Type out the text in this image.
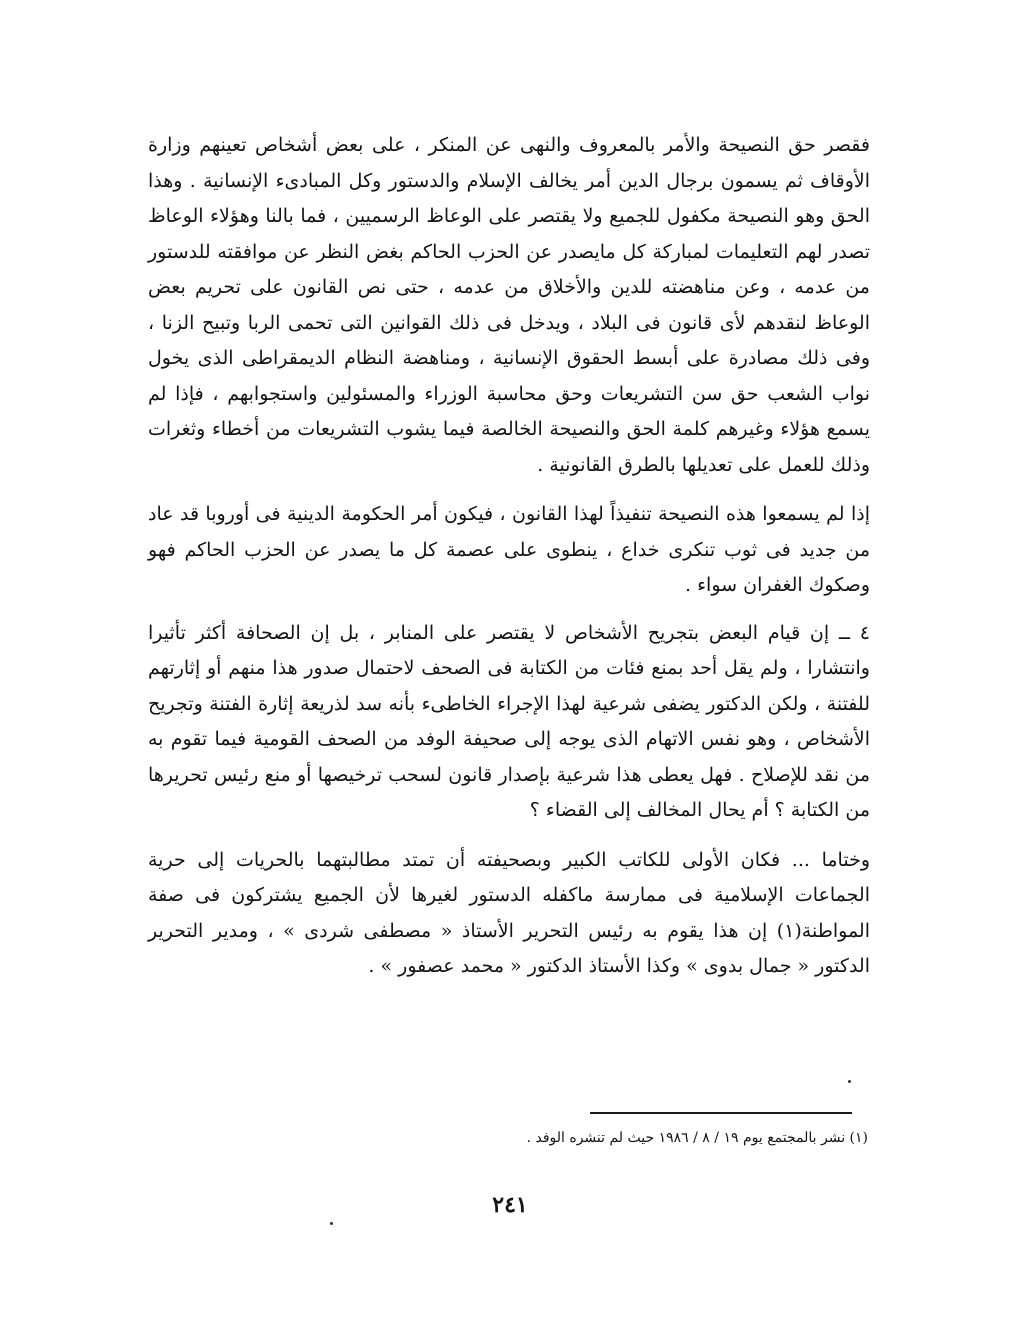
فقصر حق النصيحة والأمر بالمعروف والنهى عن المنكر ، على بعض أشخاص تعينهم وزارة الأوقاف ثم يسمون برجال الدين أمر يخالف الإسلام والدستور وكل المبادىء الإنسانية . وهذا الحق وهو النصيحة مكفول للجميع ولا يقتصر على الوعاظ الرسميين ، فما بالنا وهؤلاء الوعاظ تصدر لهم التعليمات لمباركة كل مايصدر عن الحزب الحاكم بغض النظر عن موافقته للدستور من عدمه ، وعن مناهضته للدين والأخلاق من عدمه ، حتى نص القانون على تحريم بعض الوعاظ لنقدهم لأى قانون فى البلاد ، ويدخل فى ذلك القوانين التى تحمى الربا وتبيح الزنا ، وفى ذلك مصادرة على أبسط الحقوق الإنسانية ، ومناهضة النظام الديمقراطى الذى يخول نواب الشعب حق سن التشريعات وحق محاسبة الوزراء والمسئولين واستجوابهم ، فإذا لم يسمع هؤلاء وغيرهم كلمة الحق والنصيحة الخالصة فيما يشوب التشريعات من أخطاء وثغرات وذلك للعمل على تعديلها بالطرق القانونية .

إذا لم يسمعوا هذه النصيحة تنفيذاً لهذا القانون ، فيكون أمر الحكومة الدينية فى أوروبا قد عاد من جديد فى ثوب تنكرى خداع ، ينطوى على عصمة كل ما يصدر عن الحزب الحاكم فهو وصكوك الغفران سواء .

٤ ــ إن قيام البعض بتجريح الأشخاص لا يقتصر على المنابر ، بل إن الصحافة أكثر تأثيرا وانتشارا ، ولم يقل أحد بمنع فئات من الكتابة فى الصحف لاحتمال صدور هذا منهم أو إثارتهم للفتنة ، ولكن الدكتور يضفى شرعية لهذا الإجراء الخاطىء بأنه سد لذريعة إثارة الفتنة وتجريح الأشخاص ، وهو نفس الاتهام الذى يوجه إلى صحيفة الوفد من الصحف القومية فيما تقوم به من نقد للإصلاح . فهل يعطى هذا شرعية بإصدار قانون لسحب ترخيصها أو منع رئيس تحريرها من الكتابة ؟ أم يحال المخالف إلى القضاء ؟

وختاما ... فكان الأولى للكاتب الكبير وبصحيفته أن تمتد مطالبتهما بالحريات إلى حرية الجماعات الإسلامية فى ممارسة ماكفله الدستور لغيرها لأن الجميع يشتركون فى صفة المواطنة(١) إن هذا يقوم به رئيس التحرير الأستاذ « مصطفى شردى » ، ومدير التحرير الدكتور « جمال بدوى » وكذا الأستاذ الدكتور « محمد عصفور » .

(١) نشر بالمجتمع يوم ١٩ / ٨ / ١٩٨٦ حيث لم تنشره الوفد .
٢٤١
